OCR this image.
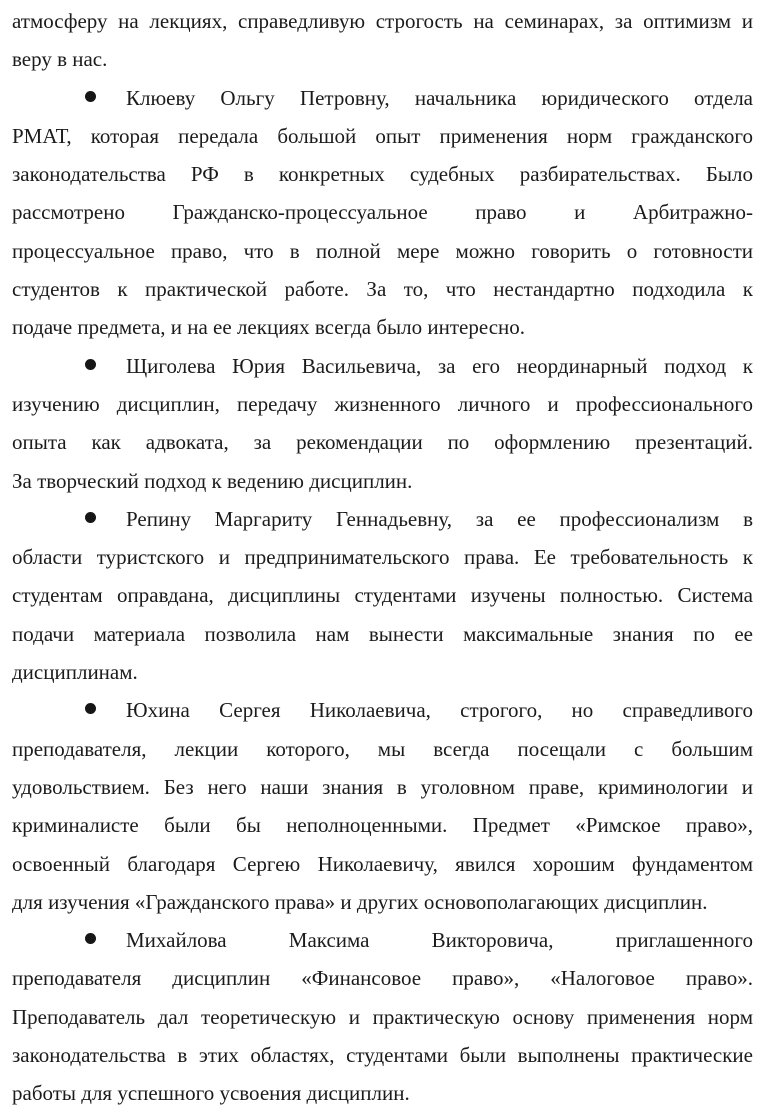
атмосферу на лекциях, справедливую строгость на семинарах, за оптимизм и
веру в нас.
Клюеву Ольгу Петровну, начальника юридического отдела
РМАТ, которая передала большой опыт применения норм гражданского
законодательства РФ в конкретных судебных разбирательствах. Было
рассмотрено Гражданско-процессуальное право и Арбитражно-
процессуальное право, что в полной мере можно говорить о готовности
студентов к практической работе. За то, что нестандартно подходила к
подаче предмета, и на ее лекциях всегда было интересно.
Щиголева Юрия Васильевича, за его неординарный подход к
изучению дисциплин, передачу жизненного личного и профессионального
опыта как адвоката, за рекомендации по оформлению презентаций.
За творческий подход к ведению дисциплин.
Репину Маргариту Геннадьевну, за ее профессионализм в
области туристского и предпринимательского права. Ее требовательность к
студентам оправдана, дисциплины студентами изучены полностью. Система
подачи материала позволила нам вынести максимальные знания по ее
дисциплинам.
Юхина Сергея Николаевича, строгого, но справедливого
преподавателя, лекции которого, мы всегда посещали с большим
удовольствием. Без него наши знания в уголовном праве, криминологии и
криминалисте были бы неполноценными. Предмет «Римское право»,
освоенный благодаря Сергею Николаевичу, явился хорошим фундаментом
для изучения «Гражданского права» и других основополагающих дисциплин.
Михайлова Максима Викторовича, приглашенного
преподавателя дисциплин «Финансовое право», «Налоговое право».
Преподаватель дал теоретическую и практическую основу применения норм
законодательства в этих областях, студентами были выполнены практические
работы для успешного усвоения дисциплин.
